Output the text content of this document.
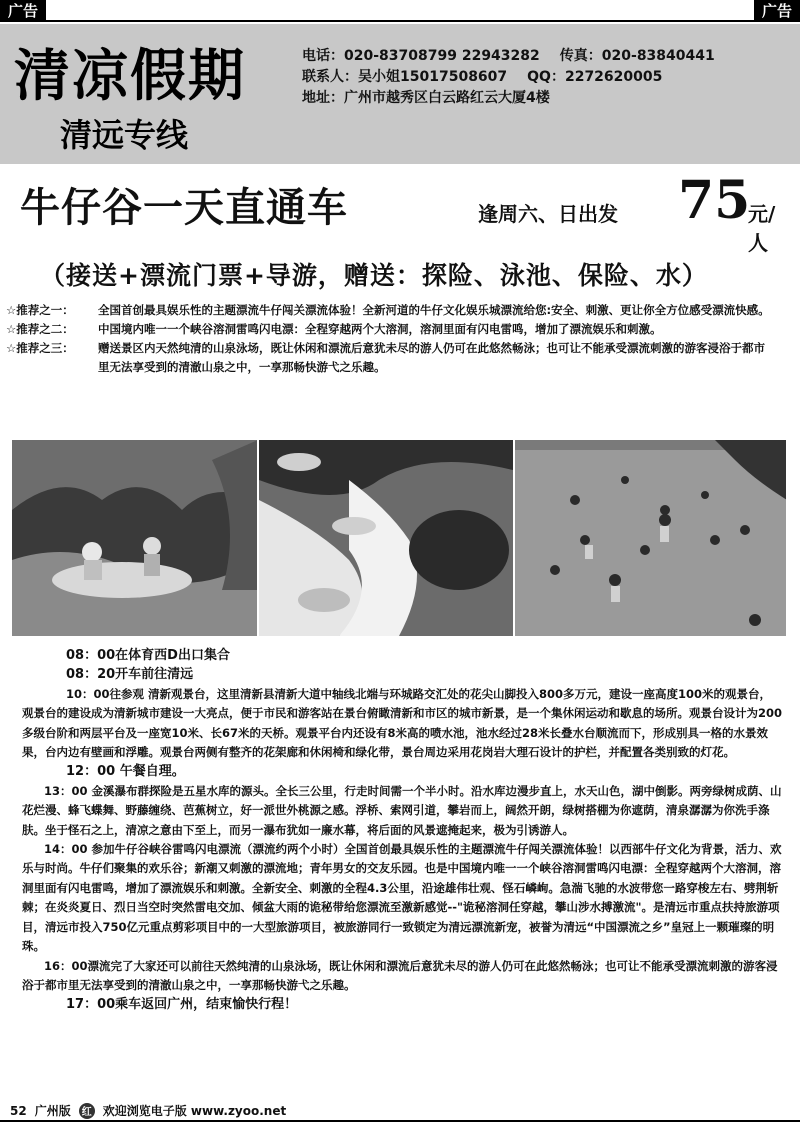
广告	广告
清凉假期
清远专线
电话：020-83708799 22943282 传真：020-83840441
联系人：吴小姐15017508607 QQ：2272620005
地址：广州市越秀区白云路红云大厦4楼
牛仔谷一天直通车	逢周六、日出发 75
元/人
（接送+漂流门票+导游，赠送：探险、泳池、保险、水）
☆推荐之一： 全国首创最具娱乐性的主题漂流牛仔闯关漂流体验！全新河道的牛仔文化娱乐城漂流给您:安全、刺激、更让你全方位感受漂流快感。
☆推荐之二： 中国境内唯一一个峡谷溶洞雷鸣闪电漂：全程穿越两个大溶洞，溶洞里面有闪电雷鸣，增加了漂流娱乐和刺激。
☆推荐之三： 赠送景区内天然纯清的山泉泳场，既让休闲和漂流后意犹未尽的游人仍可在此悠然畅泳；也可让不能承受漂流刺激的游客浸浴于都市里无法享受到的清澈山泉之中，一享那畅快游弋之乐趣。
08：00在体育西D出口集合
08：20开车前往清远
10：00往参观 清新观景台，这里清新县清新大道中轴线北端与环城路交汇处的花尖山脚投入800多万元，建设一座高度100米的观景台，观景台的建设成为清新城市建设一大亮点，便于市民和游客站在景台俯瞰清新和市区的城市新景，是一个集休闲运动和歇息的场所。观景台设计为200多级台阶和两层平台及一座宽10米、长67米的天桥。观景平台内还设有8米高的喷水池，池水经过28米长叠水台顺流而下，形成别具一格的水景效果，台内边有壁画和浮雕。观景台两侧有整齐的花架廊和休闲椅和绿化带，景台周边采用花岗岩大理石设计的护栏，并配置各类别致的灯花。
12：00 午餐自理。
13：00 金溪瀑布群探险是五星水库的源头。全长三公里，行走时间需一个半小时。沿水库边漫步直上，水天山色，湖中倒影。两旁绿树成荫、山花烂漫、蜂飞蝶舞、野藤缠绕、芭蕉树立，好一派世外桃源之感。浮桥、索网引道，攀岩而上，阔然开朗，绿树搭棚为你遮荫，清泉潺潺为你洗手涤肤。坐于怪石之上，清凉之意由下至上，而另一瀑布犹如一廉水幕，将后面的风景遮掩起来，极为引诱游人。
14：00 参加牛仔谷峡谷雷鸣闪电漂流（漂流约两个小时）全国首创最具娱乐性的主题漂流牛仔闯关漂流体验！以西部牛仔文化为背景，活力、欢乐与时尚。牛仔们聚集的欢乐谷；新潮又刺激的漂流地；青年男女的交友乐园。也是中国境内唯一一个峡谷溶洞雷鸣闪电漂：全程穿越两个大溶洞，溶洞里面有闪电雷鸣，增加了漂流娱乐和刺激。全新安全、刺激的全程4.3公里，沿途雄伟壮观、怪石嶙峋。急湍飞驰的水波带您一路穿梭左右、劈荆斩棘；在炎炎夏日、烈日当空时突然雷电交加、倾盆大雨的诡秘带给您漂流至激新感觉--"诡秘溶洞任穿越，攀山涉水搏激流"。是清远市重点扶持旅游项目，清远市投入750亿元重点剪彩项目中的一大型旅游项目，被旅游同行一致锁定为清远漂流新宠，被誉为清远“中国漂流之乡”皇冠上一颗璀璨的明珠。
16：00漂流完了大家还可以前往天然纯清的山泉泳场，既让休闲和漂流后意犹未尽的游人仍可在此悠然畅泳；也可让不能承受漂流刺激的游客浸浴于都市里无法享受到的清澈山泉之中，一享那畅快游弋之乐趣。
17：00乘车返回广州，结束愉快行程！
52 广州版	红 欢迎浏览电子版 www.zyoo.net
